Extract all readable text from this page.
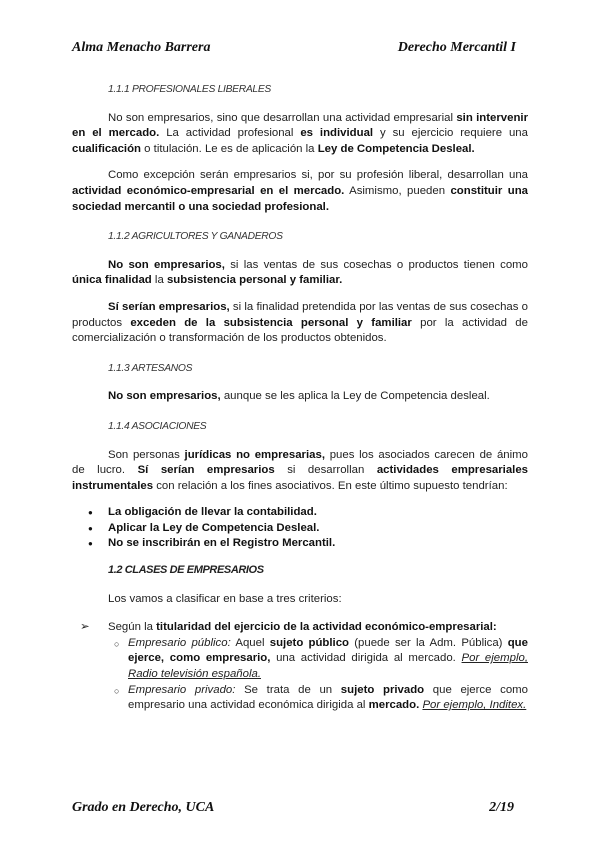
Alma Menacho Barrera	Derecho Mercantil I
1.1.1 PROFESIONALES LIBERALES

No son empresarios, sino que desarrollan una actividad empresarial sin intervenir en el mercado. La actividad profesional es individual y su ejercicio requiere una cualificación o titulación. Le es de aplicación la Ley de Competencia Desleal.

Como excepción serán empresarios si, por su profesión liberal, desarrollan una actividad económico-empresarial en el mercado. Asimismo, pueden constituir una sociedad mercantil o una sociedad profesional.

1.1.2 AGRICULTORES Y GANADEROS

No son empresarios, si las ventas de sus cosechas o productos tienen como única finalidad la subsistencia personal y familiar.

Sí serían empresarios, si la finalidad pretendida por las ventas de sus cosechas o productos exceden de la subsistencia personal y familiar por la actividad de comercialización o transformación de los productos obtenidos.

1.1.3 ARTESANOS

No son empresarios, aunque se les aplica la Ley de Competencia desleal.

1.1.4 ASOCIACIONES

Son personas jurídicas no empresarias, pues los asociados carecen de ánimo de lucro. Sí serían empresarios si desarrollan actividades empresariales instrumentales con relación a los fines asociativos. En este último supuesto tendrían:

● La obligación de llevar la contabilidad.
● Aplicar la Ley de Competencia Desleal.
● No se inscribirán en el Registro Mercantil.
1.2 CLASES DE EMPRESARIOS

Los vamos a clasificar en base a tres criterios:

➢ Según la titularidad del ejercicio de la actividad económico-empresarial:
○ Empresario público: Aquel sujeto público (puede ser la Adm. Pública) que ejerce, como empresario, una actividad dirigida al mercado. Por ejemplo, Radio televisión española.
○ Empresario privado: Se trata de un sujeto privado que ejerce como empresario una actividad económica dirigida al mercado. Por ejemplo, Inditex.
Grado en Derecho, UCA	2/19
